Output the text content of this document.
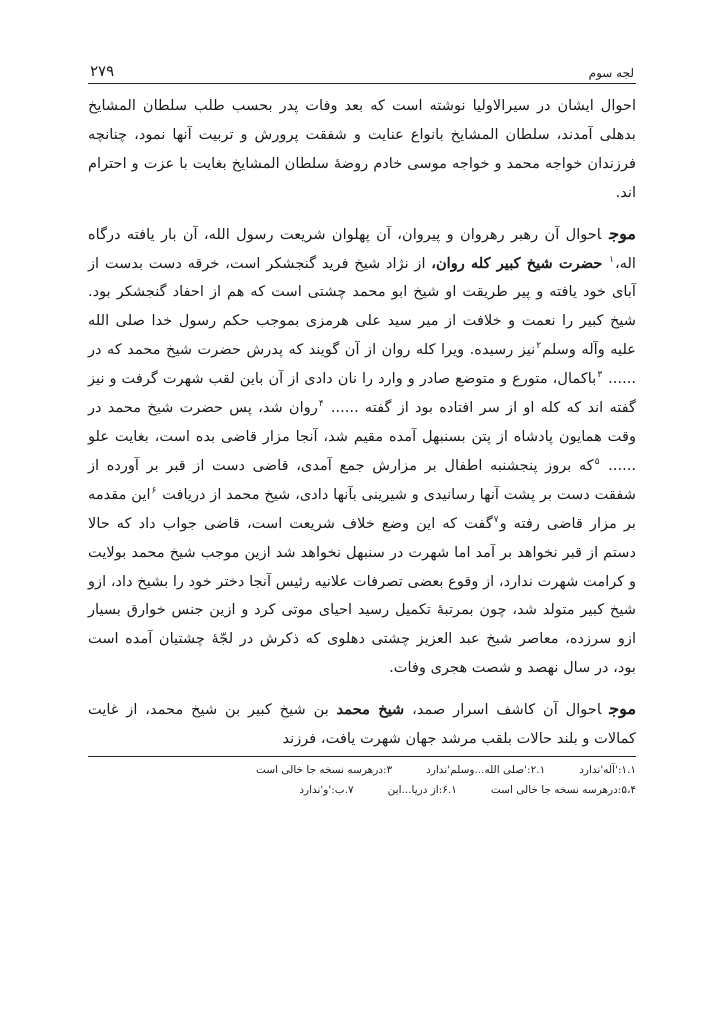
لجه سوم
۲۷۹

احوال ایشان در سیرالاولیا نوشته است که بعد وفات پدر بحسب طلب سلطان المشایخ بدهلی آمدند، سلطان المشایخ بانواع عنایت و شفقت پرورش و تربیت آنها نمود، چنانچه فرزندان خواجه محمد و خواجه موسی خادم روضهٔ سلطان المشایخ بغایت با عزت و احترام اند.

موجاحوال آن رهبر رهروان و پیروان، آن پهلوان شریعت رسول الله، آن بار یافته درگاه اله،$^۱$ حضرت شیخ کبیر کله روان، از نژاد شیخ فرید گنجشکر است، خرقه دست بدست از آبای خود یافته و پیر طریقت او شیخ ابو محمد چشتی است که هم از احفاد گنجشکر بود. شیخ کبیر را نعمت و خلافت از میر سید علی هرمزی بموجب حکم رسول خدا صلی الله علیه وآله وسلم$^۲$نیز رسیده. ویرا کله روان از آن گویند که پدرش حضرت شیخ محمد که در ...... $^۳$باکمال، متورع و متوضع صادر و وارد را نان دادی از آن باین لقب شهرت گرفت و نیز گفته اند که کله او از سر افتاده بود از گفته ...... $^۴$روان شد، پس حضرت شیخ محمد در وقت همایون پادشاه از پتن بسنبهل آمده مقیم شد، آنجا مزار قاضی بده است، بغایت علو ...... $^۵$که بروز پنجشنبه اطفال بر مزارش جمع آمدی، قاضی دست از قبر بر آورده از شفقت دست بر پشت آنها رسانیدی و شیرینی بآنها دادی، شیخ محمد از دریافت $^۶$این مقدمه بر مزار قاضی رفته و$^۷$گفت که این وضع خلاف شریعت است، قاضی جواب داد که حالا دستم از قبر نخواهد بر آمد اما شهرت در سنبهل نخواهد شد ازین موجب شیخ محمد بولایت و کرامت شهرت ندارد، از وقوع بعضی تصرفات علانیه رئیس آنجا دختر خود را بشیخ داد، ازو شیخ کبیر متولد شد، چون بمرتبهٔ تکمیل رسید احیای موتی کرد و ازین جنس خوارق بسیار ازو سرزده، معاصر شیخ عبد العزیز چشتی دهلوی که ذکرش در لجّهٔ چشتیان آمده است بود، در سال نهصد و شصت هجری وفات.

موجاحوال آن کاشف اسرار صمد، شیخ محمد بن شیخ کبیر بن شیخ محمد، از غایت کمالات و بلند حالات بلقب مرشد جهان شهرت یافت، فرزند

۱.۱:'آله'ندارد
۲.۱:'صلی الله...وسلم'ندارد
۳:درهرسه نسخه جا خالی است
۵،۴:درهرسه نسخه جا خالی است
۶.۱:از دریا...این
۷.ب:'و'ندارد
